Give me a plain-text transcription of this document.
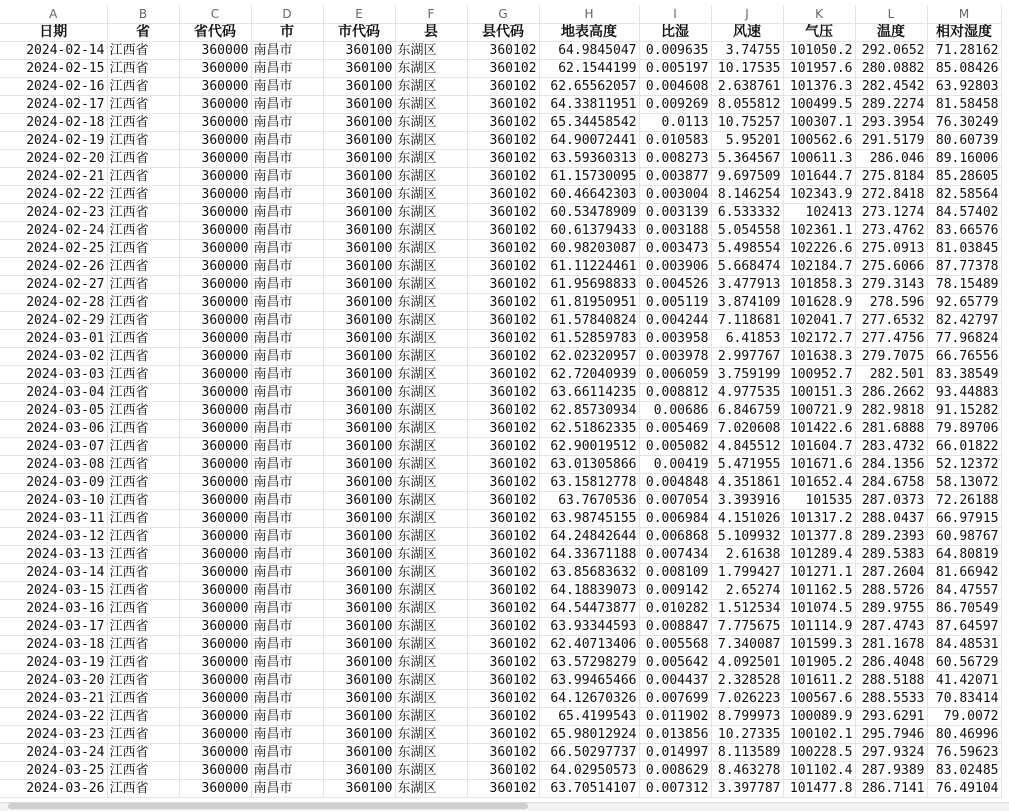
A	B	C	D	E	F	G	H	I	J	K	L	M
日期	省	省代码	市	市代码	县	县代码	地表高度	比湿	风速	气压	温度	相对湿度
2024-02-14	江西省	360000	南昌市	360100	东湖区	360102	64.9845047	0.009635	3.74755	101050.2	292.0652	71.28162
2024-02-15	江西省	360000	南昌市	360100	东湖区	360102	62.1544199	0.005197	10.17535	101957.6	280.0882	85.08426
2024-02-16	江西省	360000	南昌市	360100	东湖区	360102	62.65562057	0.004608	2.638761	101376.3	282.4542	63.92803
2024-02-17	江西省	360000	南昌市	360100	东湖区	360102	64.33811951	0.009269	8.055812	100499.5	289.2274	81.58458
2024-02-18	江西省	360000	南昌市	360100	东湖区	360102	65.34458542	0.0113	10.75257	100307.1	293.3954	76.30249
2024-02-19	江西省	360000	南昌市	360100	东湖区	360102	64.90072441	0.010583	5.95201	100562.6	291.5179	80.60739
2024-02-20	江西省	360000	南昌市	360100	东湖区	360102	63.59360313	0.008273	5.364567	100611.3	286.046	89.16006
2024-02-21	江西省	360000	南昌市	360100	东湖区	360102	61.15730095	0.003877	9.697509	101644.7	275.8184	85.28605
2024-02-22	江西省	360000	南昌市	360100	东湖区	360102	60.46642303	0.003004	8.146254	102343.9	272.8418	82.58564
2024-02-23	江西省	360000	南昌市	360100	东湖区	360102	60.53478909	0.003139	6.533332	102413	273.1274	84.57402
2024-02-24	江西省	360000	南昌市	360100	东湖区	360102	60.61379433	0.003188	5.054558	102361.1	273.4762	83.66576
2024-02-25	江西省	360000	南昌市	360100	东湖区	360102	60.98203087	0.003473	5.498554	102226.6	275.0913	81.03845
2024-02-26	江西省	360000	南昌市	360100	东湖区	360102	61.11224461	0.003906	5.668474	102184.7	275.6066	87.77378
2024-02-27	江西省	360000	南昌市	360100	东湖区	360102	61.95698833	0.004526	3.477913	101858.3	279.3143	78.15489
2024-02-28	江西省	360000	南昌市	360100	东湖区	360102	61.81950951	0.005119	3.874109	101628.9	278.596	92.65779
2024-02-29	江西省	360000	南昌市	360100	东湖区	360102	61.57840824	0.004244	7.118681	102041.7	277.6532	82.42797
2024-03-01	江西省	360000	南昌市	360100	东湖区	360102	61.52859783	0.003958	6.41853	102172.7	277.4756	77.96824
2024-03-02	江西省	360000	南昌市	360100	东湖区	360102	62.02320957	0.003978	2.997767	101638.3	279.7075	66.76556
2024-03-03	江西省	360000	南昌市	360100	东湖区	360102	62.72040939	0.006059	3.759199	100952.7	282.501	83.38549
2024-03-04	江西省	360000	南昌市	360100	东湖区	360102	63.66114235	0.008812	4.977535	100151.3	286.2662	93.44883
2024-03-05	江西省	360000	南昌市	360100	东湖区	360102	62.85730934	0.00686	6.846759	100721.9	282.9818	91.15282
2024-03-06	江西省	360000	南昌市	360100	东湖区	360102	62.51862335	0.005469	7.020608	101422.6	281.6888	79.89706
2024-03-07	江西省	360000	南昌市	360100	东湖区	360102	62.90019512	0.005082	4.845512	101604.7	283.4732	66.01822
2024-03-08	江西省	360000	南昌市	360100	东湖区	360102	63.01305866	0.00419	5.471955	101671.6	284.1356	52.12372
2024-03-09	江西省	360000	南昌市	360100	东湖区	360102	63.15812778	0.004848	4.351861	101652.4	284.6758	58.13072
2024-03-10	江西省	360000	南昌市	360100	东湖区	360102	63.7670536	0.007054	3.393916	101535	287.0373	72.26188
2024-03-11	江西省	360000	南昌市	360100	东湖区	360102	63.98745155	0.006984	4.151026	101317.2	288.0437	66.97915
2024-03-12	江西省	360000	南昌市	360100	东湖区	360102	64.24842644	0.006868	5.109932	101377.8	289.2393	60.98767
2024-03-13	江西省	360000	南昌市	360100	东湖区	360102	64.33671188	0.007434	2.61638	101289.4	289.5383	64.80819
2024-03-14	江西省	360000	南昌市	360100	东湖区	360102	63.85683632	0.008109	1.799427	101271.1	287.2604	81.66942
2024-03-15	江西省	360000	南昌市	360100	东湖区	360102	64.18839073	0.009142	2.65274	101162.5	288.5726	84.47557
2024-03-16	江西省	360000	南昌市	360100	东湖区	360102	64.54473877	0.010282	1.512534	101074.5	289.9755	86.70549
2024-03-17	江西省	360000	南昌市	360100	东湖区	360102	63.93344593	0.008847	7.775675	101114.9	287.4743	87.64597
2024-03-18	江西省	360000	南昌市	360100	东湖区	360102	62.40713406	0.005568	7.340087	101599.3	281.1678	84.48531
2024-03-19	江西省	360000	南昌市	360100	东湖区	360102	63.57298279	0.005642	4.092501	101905.2	286.4048	60.56729
2024-03-20	江西省	360000	南昌市	360100	东湖区	360102	63.99465466	0.004437	2.328528	101611.2	288.5188	41.42071
2024-03-21	江西省	360000	南昌市	360100	东湖区	360102	64.12670326	0.007699	7.026223	100567.6	288.5533	70.83414
2024-03-22	江西省	360000	南昌市	360100	东湖区	360102	65.4199543	0.011902	8.799973	100089.9	293.6291	79.0072
2024-03-23	江西省	360000	南昌市	360100	东湖区	360102	65.98012924	0.013856	10.27335	100102.1	295.7946	80.46996
2024-03-24	江西省	360000	南昌市	360100	东湖区	360102	66.50297737	0.014997	8.113589	100228.5	297.9324	76.59623
2024-03-25	江西省	360000	南昌市	360100	东湖区	360102	64.02950573	0.008629	8.463278	101102.4	287.9389	83.02485
2024-03-26	江西省	360000	南昌市	360100	东湖区	360102	63.70514107	0.007312	3.397787	101477.8	286.7141	76.49104
